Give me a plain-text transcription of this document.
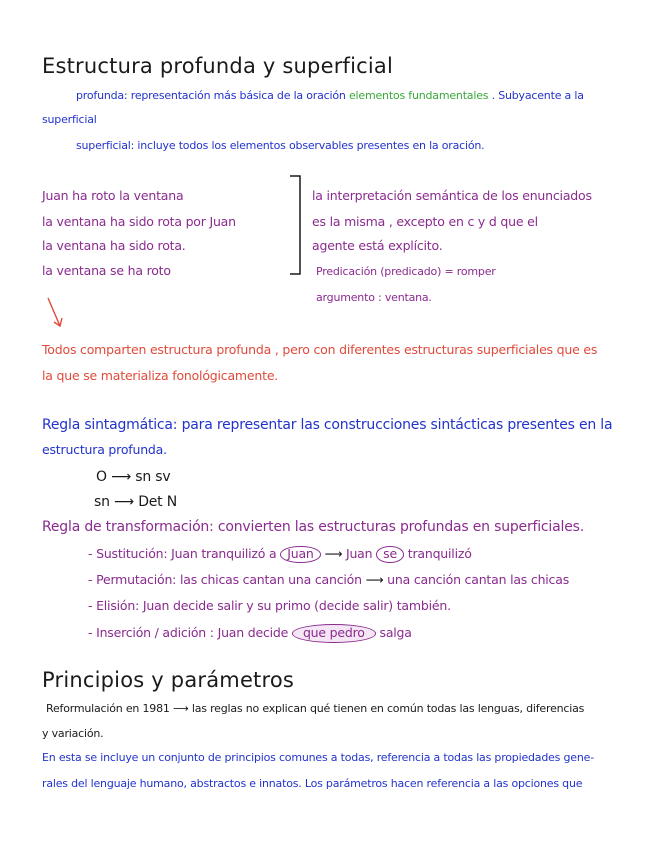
Estructura profunda y superficial
profunda: representación más básica de la oración elementos fundamentales . Subyacente a la
superficial
superficial: incluye todos los elementos observables presentes en la oración.
Juan ha roto la ventana
la ventana ha sido rota por Juan
la ventana ha sido rota.
la ventana se ha roto
la interpretación semántica de los enunciados
es la misma , excepto en c y d que el
agente está explícito.
Predicación (predicado) = romper
argumento : ventana.
Todos comparten estructura profunda , pero con diferentes estructuras superficiales que es
la que se materializa fonológicamente.
Regla sintagmática: para representar las construcciones sintácticas presentes en la
estructura profunda.
O ⟶ sn sv
sn ⟶ Det N
Regla de transformación: convierten las estructuras profundas en superficiales.
- Sustitución: Juan tranquilizó a Juan ⟶ Juan se tranquilizó
- Permutación: las chicas cantan una canción ⟶ una canción cantan las chicas
- Elisión: Juan decide salir y su primo (decide salir) también.
- Inserción / adición : Juan decide que pedro salga
Principios y parámetros
Reformulación en 1981 ⟶ las reglas no explican qué tienen en común todas las lenguas, diferencias
y variación.
En esta se incluye un conjunto de principios comunes a todas, referencia a todas las propiedades gene-
rales del lenguaje humano, abstractos e innatos. Los parámetros hacen referencia a las opciones que
